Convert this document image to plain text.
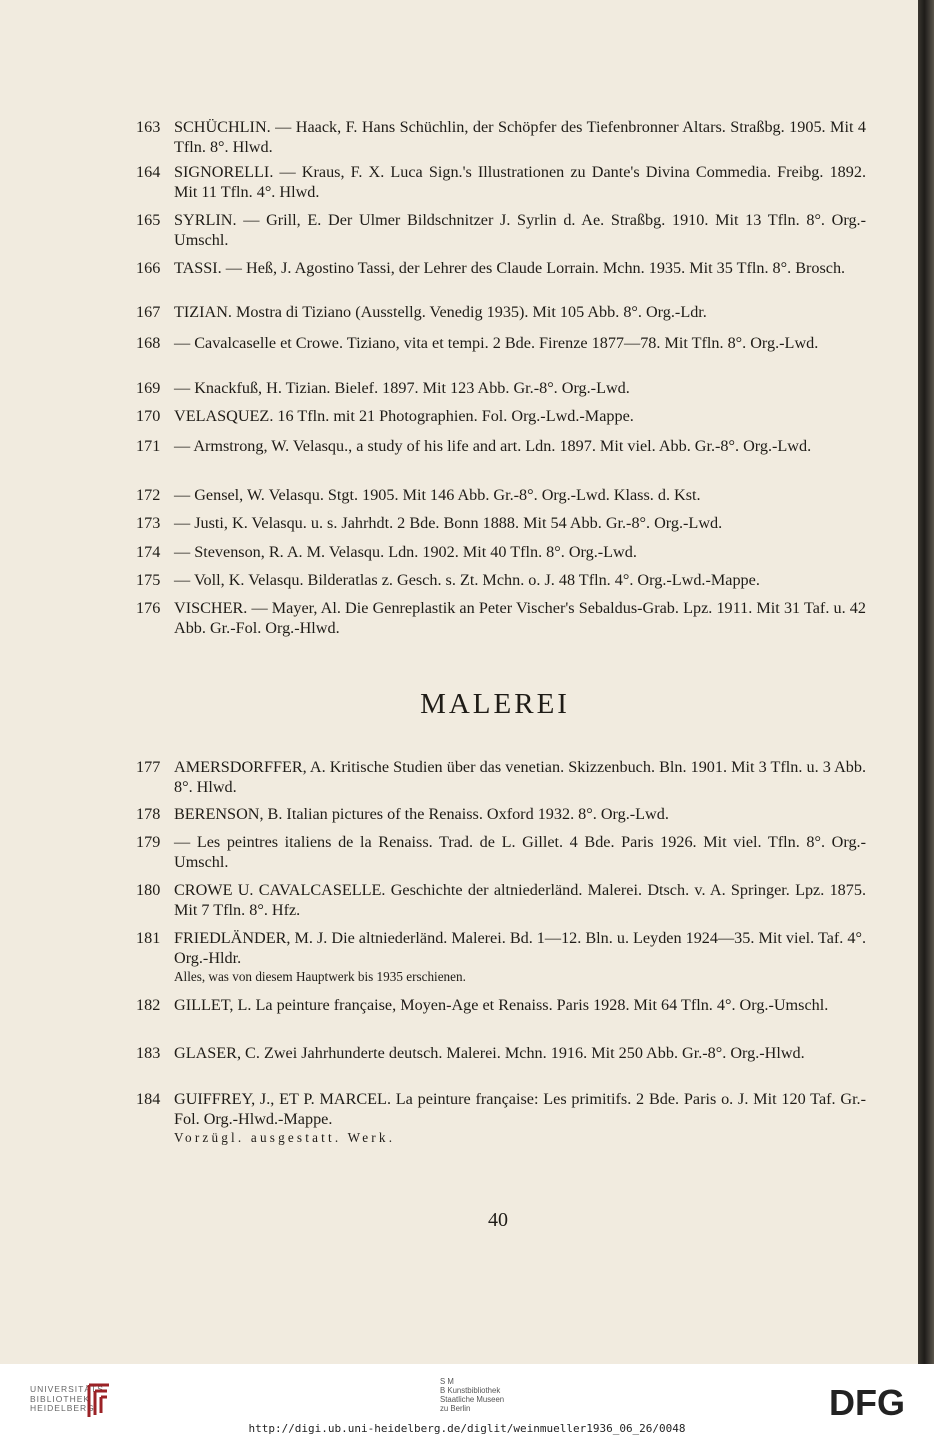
163 SCHÜCHLIN. — Haack, F. Hans Schüchlin, der Schöpfer des Tiefenbronner Altars. Straßbg. 1905. Mit 4 Tfln. 8°. Hlwd.
164 SIGNORELLI. — Kraus, F. X. Luca Sign.'s Illustrationen zu Dante's Divina Commedia. Freibg. 1892. Mit 11 Tfln. 4°. Hlwd.
165 SYRLIN. — Grill, E. Der Ulmer Bildschnitzer J. Syrlin d. Ae. Straßbg. 1910. Mit 13 Tfln. 8°. Org.-Umschl.
166 TASSI. — Heß, J. Agostino Tassi, der Lehrer des Claude Lorrain. Mchn. 1935. Mit 35 Tfln. 8°. Brosch.
167 TIZIAN. Mostra di Tiziano (Ausstellg. Venedig 1935). Mit 105 Abb. 8°. Org.-Ldr.
168 — Cavalcaselle et Crowe. Tiziano, vita et tempi. 2 Bde. Firenze 1877—78. Mit Tfln. 8°. Org.-Lwd.
169 — Knackfuß, H. Tizian. Bielef. 1897. Mit 123 Abb. Gr.-8°. Org.-Lwd.
170 VELASQUEZ. 16 Tfln. mit 21 Photographien. Fol. Org.-Lwd.-Mappe.
171 — Armstrong, W. Velasqu., a study of his life and art. Ldn. 1897. Mit viel. Abb. Gr.-8°. Org.-Lwd.
172 — Gensel, W. Velasqu. Stgt. 1905. Mit 146 Abb. Gr.-8°. Org.-Lwd. Klass. d. Kst.
173 — Justi, K. Velasqu. u. s. Jahrhdt. 2 Bde. Bonn 1888. Mit 54 Abb. Gr.-8°. Org.-Lwd.
174 — Stevenson, R. A. M. Velasqu. Ldn. 1902. Mit 40 Tfln. 8°. Org.-Lwd.
175 — Voll, K. Velasqu. Bilderatlas z. Gesch. s. Zt. Mchn. o. J. 48 Tfln. 4°. Org.-Lwd.-Mappe.
176 VISCHER. — Mayer, Al. Die Genreplastik an Peter Vischer's Sebaldus-Grab. Lpz. 1911. Mit 31 Taf. u. 42 Abb. Gr.-Fol. Org.-Hlwd.
MALEREI
177 AMERSDORFFER, A. Kritische Studien über das venetian. Skizzenbuch. Bln. 1901. Mit 3 Tfln. u. 3 Abb. 8°. Hlwd.
178 BERENSON, B. Italian pictures of the Renaiss. Oxford 1932. 8°. Org.-Lwd.
179 — Les peintres italiens de la Renaiss. Trad. de L. Gillet. 4 Bde. Paris 1926. Mit viel. Tfln. 8°. Org.-Umschl.
180 CROWE U. CAVALCASELLE. Geschichte der altniederländ. Malerei. Dtsch. v. A. Springer. Lpz. 1875. Mit 7 Tfln. 8°. Hfz.
181 FRIEDLÄNDER, M. J. Die altniederländ. Malerei. Bd. 1—12. Bln. u. Leyden 1924—35. Mit viel. Taf. 4°. Org.-Hldr.
Alles, was von diesem Hauptwerk bis 1935 erschienen.
182 GILLET, L. La peinture française, Moyen-Age et Renaiss. Paris 1928. Mit 64 Tfln. 4°. Org.-Umschl.
183 GLASER, C. Zwei Jahrhunderte deutsch. Malerei. Mchn. 1916. Mit 250 Abb. Gr.-8°. Org.-Hlwd.
184 GUIFFREY, J., ET P. MARCEL. La peinture française: Les primitifs. 2 Bde. Paris o. J. Mit 120 Taf. Gr.-Fol. Org.-Hlwd.-Mappe.
Vorzügl. ausgestatt. Werk.
40
UNIVERSITÄTS-
BIBLIOTHEK
HEIDELBERG
S M
B Kunstbibliothek
Staatliche Museen
zu Berlin	DFG
http://digi.ub.uni-heidelberg.de/diglit/weinmueller1936_06_26/0048
